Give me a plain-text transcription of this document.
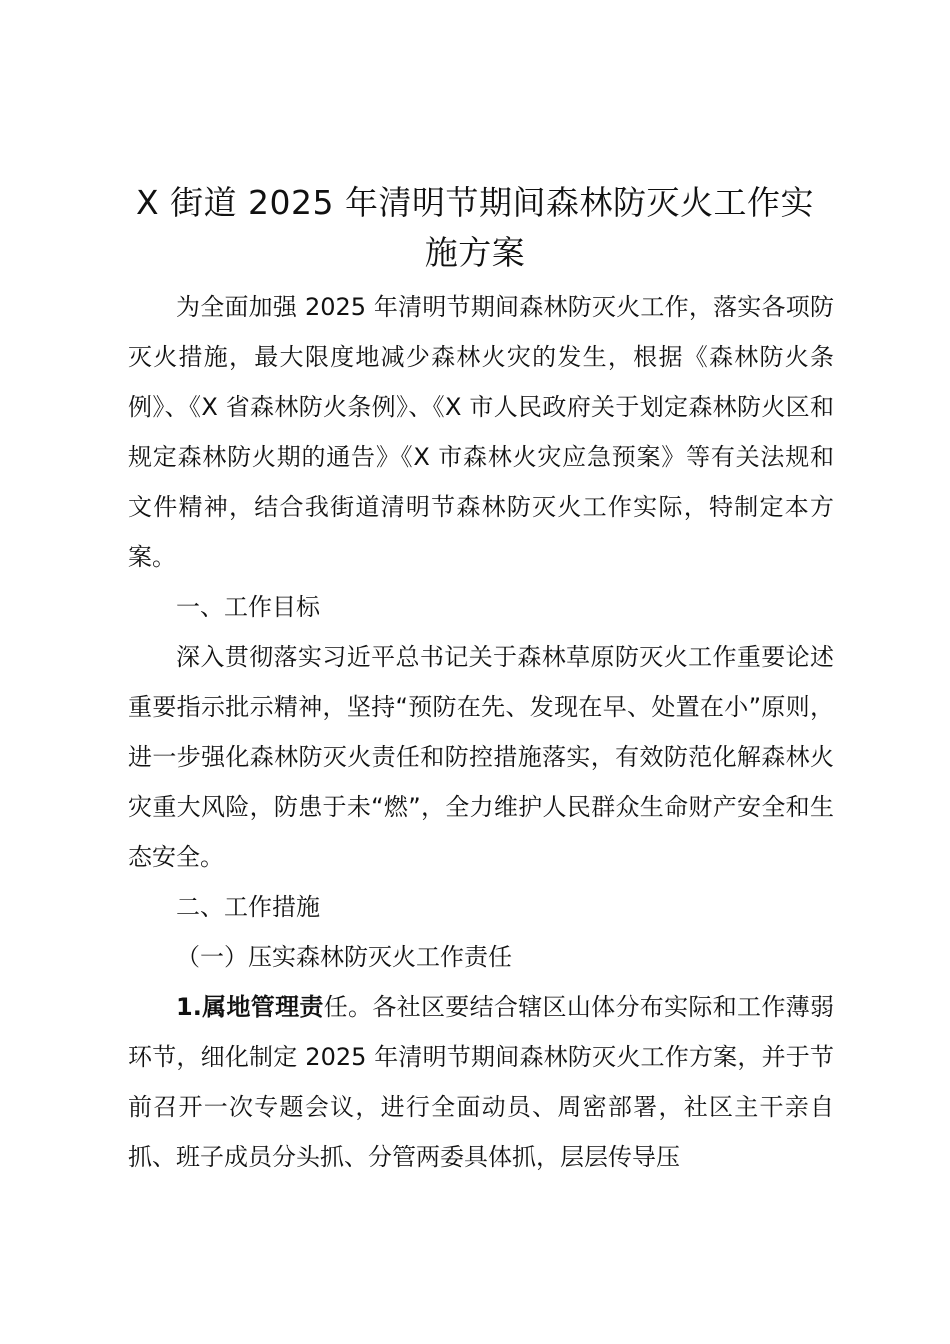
X 街道 2025 年清明节期间森林防灭火工作实
施方案

为全面加强 2025 年清明节期间森林防灭火工作，落实各项防灭火措施，最大限度地减少森林火灾的发生，根据《森林防火条例》、《X 省森林防火条例》、《X 市人民政府关于划定森林防火区和规定森林防火期的通告》《X 市森林火灾应急预案》等有关法规和文件精神，结合我街道清明节森林防灭火工作实际，特制定本方案。

一、工作目标

深入贯彻落实习近平总书记关于森林草原防灭火工作重要论述重要指示批示精神，坚持“预防在先、发现在早、处置在小”原则，进一步强化森林防灭火责任和防控措施落实，有效防范化解森林火灾重大风险，防患于未“燃”，全力维护人民群众生命财产安全和生态安全。

二、工作措施

（一）压实森林防灭火工作责任

1.属地管理责任。各社区要结合辖区山体分布实际和工作薄弱环节，细化制定 2025 年清明节期间森林防灭火工作方案，并于节前召开一次专题会议，进行全面动员、周密部署，社区主干亲自抓、班子成员分头抓、分管两委具体抓，层层传导压
